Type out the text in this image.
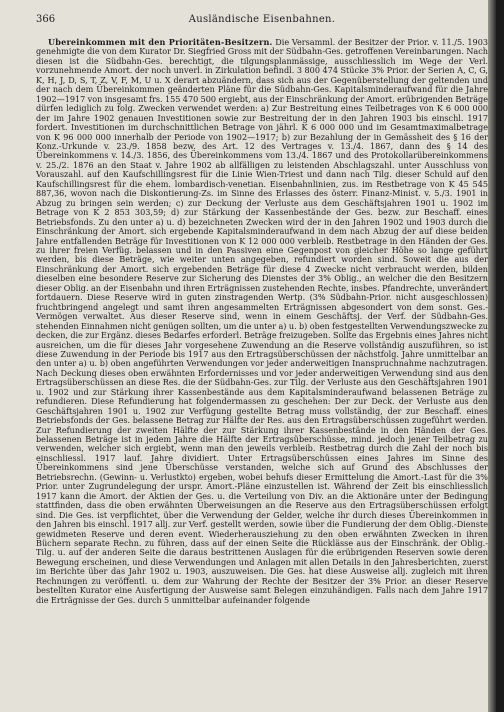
366	Ausländische Eisenbahnen.
Übereinkommen mit den Prioritäten-Besitzern. Die Versamml. der Besitzer der Prior. v. 11./5. 1903 genehmigte die von dem Kurator Dr. Siegfried Gross mit der Südbahn-Ges. getroffenen Vereinbarungen. Nach diesen ist die Südbahn-Ges. berechtigt, die tilgungsplanmässige, ausschliesslich im Wege der Verl. vorzunehmende Amort. der noch unverl. in Zirkulation befindl. 3 800 474 Stücke 3% Prior. der Serien A, C, G, K, H, J, D, S, T, Z, V, F, M, U u. X derart abzuändern, dass sich aus der Gegenüberstellung der geltenden und der nach dem Übereinkommen geänderten Pläne für die Südbahn-Ges. Kapitalsminderaufwand für die Jahre 1902—1917 von insgesamt frs. 155 470 500 ergiebt, aus der Einschränkung der Amort. erübrigenden Beträge dürfen lediglich zu folg. Zwecken verwendet werden: a) Zur Bestreitung eines Teilbetrages von K 6 000 000 der im Jahre 1902 genauen Investitionen sowie zur Bestreitung der in den Jahren 1903 bis einschl. 1917 fordert. Investitionen im durchschnittlichen Betrage von jährl. K 6 000 000 und im Gesamtmaximalbetrage von K 96 000 000 innerhalb der Periode von 1902—1917; b) zur Bezahlung der in Gemässheit des § 16 der Konz.-Urkunde v. 23./9. 1858 bezw. des Art. 12 des Vertrages v. 13./4. 1867, dann des § 14 des Übereinkommens v. 14./3. 1856, des Übereinkommens vom 13./4. 1867 und des Protokollarübereinkommens v. 25./2. 1876 an den Staat v. Jahre 1902 ab allfälligen zu leistenden Abschlagszahl. unter Ausschluss von Vorauszahl. auf den Kaufschillingsrest für die Linie Wien-Triest und dann nach Tilg. dieser Schuld auf den Kaufschillingsrest für die ehem. lombardisch-venetian. Eisenbahnlinien, zus. im Restbetrage von K 45 545 887,36, wovon nach die Diskontierung-Zs. im Sinne des Erlasses des österr. Finanz-Minist. v. 5./3. 1901 in Abzug zu bringen sein werden; c) zur Deckung der Verluste aus dem Geschäftsjahren 1901 u. 1902 im Betrage von K 2 853 303,59; d) zur Stärkung der Kassenbestände der Ges. bezw. zur Beschaff. eines Betriebsfonds. Zu den unter a) u. d) bezeichneten Zwecken wird der in den Jahren 1902 und 1903 durch die Einschränkung der Amort. sich ergebende Kapitalsminderaufwand in dem nach Abzug der auf diese beiden Jahre entfallenden Beträge für Investitionen von K 12 000 000 verbleib. Restbetrage in den Händen der Ges. zu ihrer freien Verfüg. belassen und in den Passiven eine Gegenpost von gleicher Höhe so lange geführt werden, bis diese Beträge, wie weiter unten angegeben, refundiert worden sind. Soweit die aus der Einschränkung der Amort. sich ergebenden Beträge für diese 4 Zwecke nicht verbraucht werden, bilden dieselben eine besondere Reserve zur Sicherung des Dienstes der 3% Oblig., an welcher die den Besitzern dieser Oblig. an der Eisenbahn und ihren Erträgnissen zustehenden Rechte, insbes. Pfandrechte, unverändert fortdauern. Diese Reserve wird in guten zinstragenden Wertp. (3% Südbahn-Prior. nicht ausgeschlossen) fruchtbringend angelegt und samt ihren angesammelten Erträgnissen abgesondert von dem sonst. Ges.-Vermögen verwaltet. Aus dieser Reserve sind, wenn in einem Geschäftsj. der Verf. der Südbahn-Ges. stehenden Einnahmen nicht genügen sollten, um die unter a) u. b) oben festgestellten Verwendungszwecke zu decken, die zur Ergänz. dieses Bedarfes erforderl. Beträge freizugeben. Sollte das Ergebnis eines Jahres nicht ausreichen, um die für dieses Jahr vorgesehene Zuwendung an die Reserve vollständig auszuführen, so ist diese Zuwendung in der Periode bis 1917 aus den Ertragsüberschüssen der nächstfolg. Jahre unmittelbar an den unter a) u. b) oben angeführten Verwendungen vor jeder anderweitigen Inanspruchnahme nachzutragen. Nach Deckung dieses oben erwähnten Erfordernisses und vor jeder anderweitigen Verwendung sind aus den Ertragsüberschüssen an diese Res. die der Südbahn-Ges. zur Tilg. der Verluste aus den Geschäftsjahren 1901 u. 1902 und zur Stärkung ihrer Kassenbestände aus dem Kapitalsminderaufwand belassenen Beträge zu refundieren. Diese Refundierung hat folgendermassen zu geschehen: Der zur Deck. der Verluste aus den Geschäftsjahren 1901 u. 1902 zur Verfügung gestellte Betrag muss vollständig, der zur Beschaff. eines Betriebsfonds der Ges. belassene Betrag zur Hälfte der Res. aus den Ertragsüberschüssen zugeführt werden. Zur Refundierung der zweiten Hälfte der zur Stärkung ihrer Kassenbestände in den Händen der Ges. belassenen Beträge ist in jedem Jahre die Hälfte der Ertragsüberschüsse, mind. jedoch jener Teilbetrag zu verwenden, welcher sich ergiebt, wenn man den jeweils verbleib. Restbetrag durch die Zahl der noch bis einschliessl. 1917 lauf. Jahre dividiert. Unter Ertragsüberschüssen eines Jahres im Sinne des Übereinkommens sind jene Überschüsse verstanden, welche sich auf Grund des Abschlusses der Betriebsrechn. (Gewinn- u. Verlustkto) ergeben, wobei behufs dieser Ermittelung die Amort.-Last für die 3% Prior. unter Zugrundelegung der urspr. Amort.-Pläne einzustellen ist. Während der Zeit bis einschliesslich 1917 kann die Amort. der Aktien der Ges. u. die Verteilung von Div. an die Aktionäre unter der Bedingung stattfinden, dass die oben erwähnten Überweisungen an die Reserve aus den Ertragsüberschüssen erfolgt sind. Die Ges. ist verpflichtet, über die Verwendung der Gelder, welche ihr durch dieses Übereinkommen in den Jahren bis einschl. 1917 allj. zur Verf. gestellt werden, sowie über die Fundierung der dem Oblig.-Dienste gewidmeten Reserve und deren event. Wiederherausziehung zu den oben erwähnten Zwecken in ihren Büchern separate Rechn. zu führen, dass auf der einen Seite die Rücklässe aus der Einschränk. der Oblig.-Tilg. u. auf der anderen Seite die daraus bestrittenen Auslagen für die erübrigenden Reserven sowie deren Bewegung erscheinen, und diese Verwendungen und Anlagen mit allen Details in den Jahresberichten, zuerst im Berichte über das Jahr 1902 u. 1903, auszuweisen. Die Ges. hat diese Ausweise allj. zugleich mit ihren Rechnungen zu veröffentl. u. dem zur Wahrung der Rechte der Besitzer der 3% Prior. an dieser Reserve bestellten Kurator eine Ausfertigung der Ausweise samt Belegen einzuhändigen. Falls nach dem Jahre 1917 die Erträgnisse der Ges. durch 5 unmittelbar aufeinander folgende
